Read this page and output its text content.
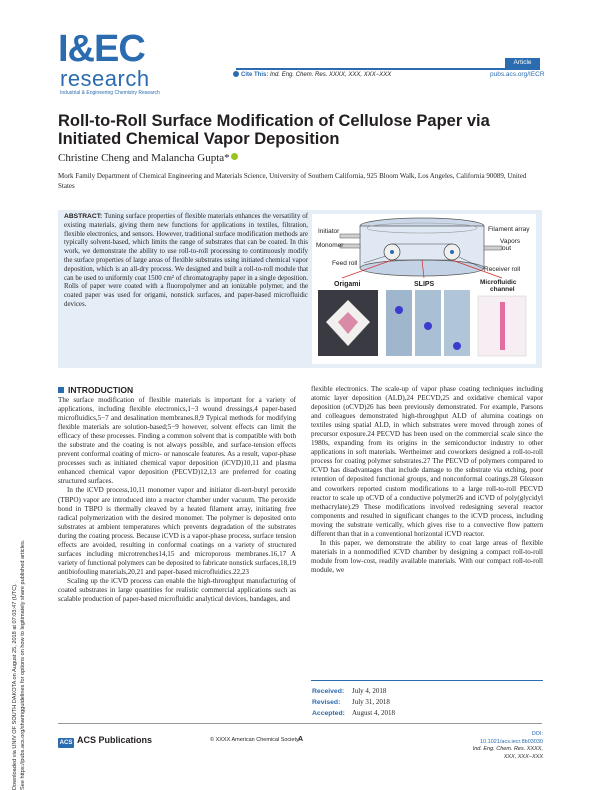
I&EC
research
Industrial & Engineering Chemistry Research
Article
Cite This: Ind. Eng. Chem. Res. XXXX, XXX, XXX−XXX	pubs.acs.org/IECR
Roll-to-Roll Surface Modification of Cellulose Paper via Initiated Chemical Vapor Deposition
Christine Cheng and Malancha Gupta*
Mork Family Department of Chemical Engineering and Materials Science, University of Southern California, 925 Bloom Walk, Los Angeles, California 90089, United States
Downloaded via UNIV OF SOUTH DAKOTA on August 25, 2018 at 07:03:47 (UTC). See https://pubs.acs.org/sharingguidelines for options on how to legitimately share published articles.
ABSTRACT: Tuning surface properties of flexible materials enhances the versatility of existing materials, giving them new functions for applications in textiles, filtration, flexible electronics, and sensors. However, traditional surface modification methods are typically solvent-based, which limits the range of substrates that can be coated. In this work, we demonstrate the ability to use roll-to-roll processing to continuously modify the surface properties of large areas of flexible substrates using initiated chemical vapor deposition, which is an all-dry process. We designed and built a roll-to-roll module that can be used to uniformly coat 1500 cm² of chromatography paper in a single deposition. Rolls of paper were coated with a fluoropolymer and an ionizable polymer, and the coated paper was used for origami, nonstick surfaces, and paper-based microfluidic devices.
Initiator
Monomer
Feed roll
Filament array
Vapors
out
Receiver roll
Origami	SLIPS	Microfluidic
channel
INTRODUCTION

The surface modification of flexible materials is important for a variety of applications, including flexible electronics,1−3 wound dressings,4 paper-based microfluidics,5−7 and desalination membranes.8,9 Typical methods for modifying flexible materials are solution-based;5−9 however, solvent effects can limit the efficacy of these processes. Finding a common solvent that is compatible with both the substrate and the coating is not always possible, and surface-tension effects prevent conformal coating of micro- or nanoscale features. As a result, vapor-phase processes such as initiated chemical vapor deposition (iCVD)10,11 and plasma enhanced chemical vapor deposition (PECVD)12,13 are preferred for coating structured surfaces.

In the iCVD process,10,11 monomer vapor and initiator di-tert-butyl peroxide (TBPO) vapor are introduced into a reactor chamber under vacuum. The peroxide bond in TBPO is thermally cleaved by a heated filament array, initiating free radical polymerization with the desired monomer. The polymer is deposited onto substrates at ambient temperatures which prevents degradation of the substrates during the coating process. Because iCVD is a vapor-phase process, surface tension effects are avoided, resulting in conformal coatings on a variety of structured surfaces including microtrenches14,15 and microporous membranes.16,17 A variety of functional polymers can be deposited to fabricate nonstick surfaces,18,19 antibiofouling materials,20,21 and paper-based microfluidics.22,23

Scaling up the iCVD process can enable the high-throughput manufacturing of coated substrates in large quantities for realistic commercial applications such as scalable production of paper-based microfluidic analytical devices, bandages, and

flexible electronics. The scale-up of vapor phase coating techniques including atomic layer deposition (ALD),24 PECVD,25 and oxidative chemical vapor deposition (oCVD)26 has been previously demonstrated. For example, Parsons and colleagues demonstrated high-throughput ALD of alumina coatings on textiles using spatial ALD, in which substrates were moved through zones of precursor exposure.24 PECVD has been used on the commercial scale since the 1980s, expanding from its origins in the semiconductor industry to other applications in soft materials. Wertheimer and coworkers designed a roll-to-roll process for coating polymer substrates.27 The PECVD of polymers compared to iCVD has disadvantages that include damage to the substrate via etching, poor retention of deposited functional groups, and nonconformal coatings.28 Gleason and coworkers reported custom modifications to a large roll-to-roll PECVD reactor to scale up oCVD of a conductive polymer26 and iCVD of poly(glycidyl methacrylate).29 These modifications involved redesigning several reactor components and resulted in significant changes to the iCVD process, including moving the substrate vertically, which gives rise to a convective flow pattern different than that in a conventional horizontal iCVD reactor.

In this paper, we demonstrate the ability to coat large areas of flexible materials in a nonmodified iCVD chamber by designing a compact roll-to-roll module from low-cost, readily available materials. With our compact roll-to-roll module, we

Received: July 4, 2018
Revised: July 31, 2018
Accepted: August 4, 2018
ACS ACS Publications	© XXXX American Chemical Society A
DOI: 10.1021/acs.iecr.8b03030
Ind. Eng. Chem. Res. XXXX, XXX, XXX−XXX
